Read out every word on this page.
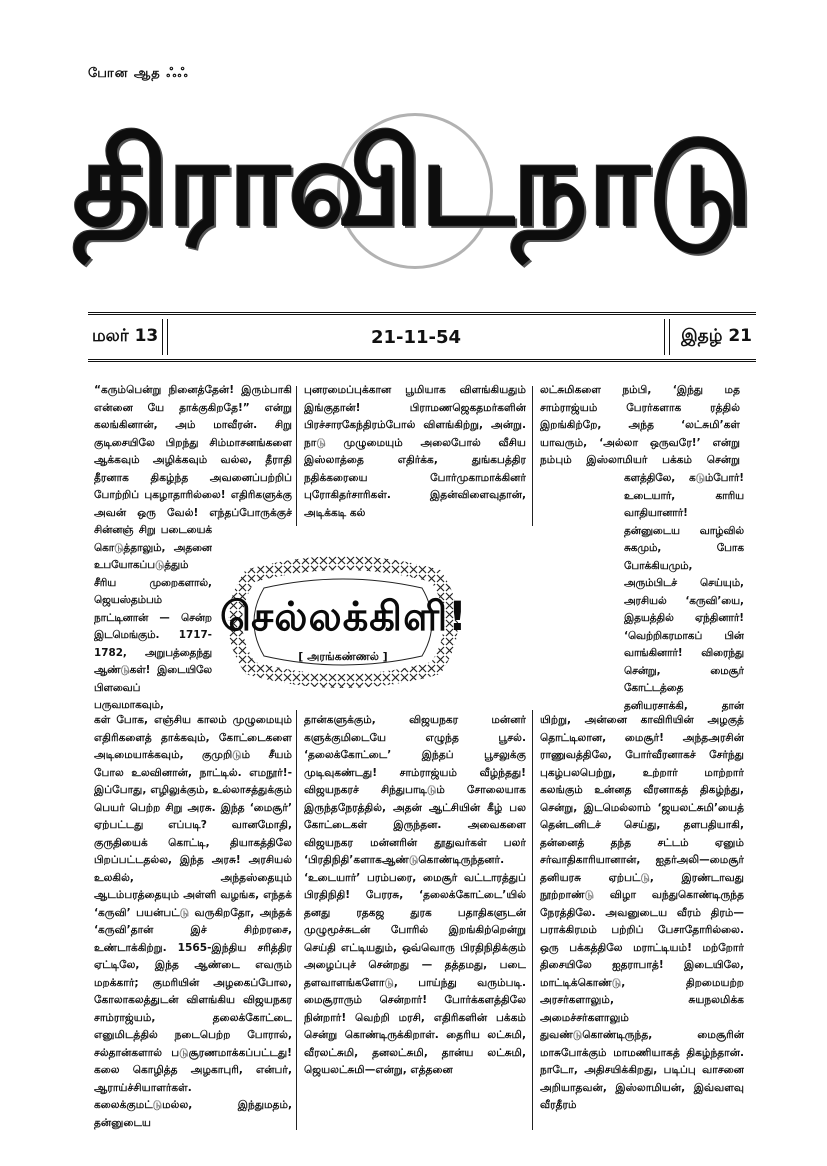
போன ஆத ஃஃ
திராவிடநாடு
மலர் 13	21-11-54	இதழ் 21

“கரும்பென்று நினைத்தேன்! இரும்பாகி என்னை யே தாக்குகிறதே!” என்று கலங்கினான், அம் மாவீரன். சிறு குடிசையிலே பிறந்து சிம்மாசனங்களை ஆக்கவும் அழிக்கவும் வல்ல, தீராதி தீரனாக திகழ்ந்த அவனைப்பற்றிப் போற்றிப் புகழாதாரில்லை! எதிரிகளுக்கு அவன் ஒரு வேல்! எந்தப்போருக்குச்

சின்னஞ் சிறு படையைக் கொடுத்தாலும், அதனை உபயோகப்படுத்தும் சீரிய முறைகளால், ஜெயஸ்தம்பம் நாட்டினான் — சென்ற இடமெங்கும். 1717-1782, அறுபத்தைந்து ஆண்டுகள்! இடையிலே பிளவைப் பருவமாகவும்,

புனரமைப்புக்கான பூமியாக விளங்கியதும் இங்குதான்! பிராமணஜெகதமர்களின் பிரச்சாரகேந்திரம்போல் விளங்கிற்று, அன்று. நாடு முழுமையும் அலைபோல் வீசிய இஸ்லாத்தை எதிர்க்க, துங்கபத்திர நதிக்கரையை போர்முகாமாக்கினர் புரோகிதர்சாரிகள். இதன்விளைவுதான், அடிக்கடி கல்

லட்சுமிகளை நம்பி, ‘இந்து மத சாம்ராஜ்யம் பேரர்களாக ரத்தில் இறங்கிற்றே, அந்த ‘லட்சுமி’கள் யாவரும், ‘அல்லா ஒருவரே!’ என்று நம்பும் இஸ்லாமியர் பக்கம் சென்று

களத்திலே, கடும்போர்! உடையார், காரிய வாதியானார்! தன்னுடைய வாழ்வில் சுகமும், போக போக்கியமும், அரும்பிடச் செய்யும், அரசியல் ‘கருவி’யை, இதயத்தில் ஏந்தினார்! ‘வெற்றிகரமாகப் பின் வாங்கினார்! விரைந்து சென்று, மைசூர் கோட்டத்தை தனியரசாக்கி, தான்

செல்லக்கிளி!
[ அரங்கண்ணல் ]

கள் போக, எஞ்சிய காலம் முழுமையும் எதிரிகளைத் தாக்கவும், கோட்டைகளை அடிமையாக்கவும், குமுறிடும் சீயம் போல உலவினான், நாட்டில். எமநூர்!-இப்போது, எழிலுக்கும், உல்லாசத்துக்கும் பெயர் பெற்ற சிறு அரசு. இந்த ‘மைசூர்’ ஏற்பட்டது எப்படி? வானமோதி, குருதியைக் கொட்டி, தியாகத்திலே பிறப்பட்டதல்ல, இந்த அரசு! அரசியல் உலகில், அந்தஸ்தையும் ஆடம்பரத்தையும் அள்ளி வழங்க, எந்தக் ‘கருவி’ பயன்பட்டு வருகிறதோ, அந்தக் ‘கருவி’தான் இச் சிற்றரசை, உண்டாக்கிற்று. 1565-இந்திய சரித்திர ஏட்டிலே, இந்த ஆண்டை எவரும் மறக்கார்; குமரியின் அழகைப்போல, கோலாகலத்துடன் விளங்கிய விஜயநகர சாம்ராஜ்யம், தலைக்கோட்டை எனுமிடத்தில் நடைபெற்ற போரால், சல்தான்களால் படுசூரணமாக்கப்பட்டது! கலை கொழித்த அழகாபுரி, என்பர், ஆராய்ச்சியாளர்கள். கலைக்குமட்டுமல்ல, இந்துமதம், தன்னுடைய

தான்களுக்கும், விஜயநகர மன்னர் களுக்குமிடையே எழுந்த பூசல். ‘தலைக்கோட்டை’ இந்தப் பூசலுக்கு முடிவுகண்டது! சாம்ராஜ்யம் வீழ்ந்தது! விஜயநகரச் சிந்துபாடிடும் சோலையாக இருந்தநேரத்தில், அதன் ஆட்சியின் கீழ் பல கோட்டைகள் இருந்தன. அவைகளை விஜயநகர மன்னரின் தூதுவர்கள் பலர் ‘பிரதிநிதி’களாகஆண்டுகொண்டிருந்தனர். ‘உடையார்’ பரம்பரை, மைசூர் வட்டாரத்துப் பிரதிநிதி! பேரரசு, ‘தலைக்கோட்டை’யில் தனது ரதகஜ துரக பதாதிகளுடன் முழுமூச்சுடன் போரில் இறங்கிற்றென்று செய்தி எட்டியதும், ஒவ்வொரு பிரதிநிதிக்கும் அழைப்புச் சென்றது — தத்தமது, படை தளவாளங்களோடு, பாய்ந்து வரும்படி. மைசூராரும் சென்றார்! போர்க்களத்திலே நின்றார்! வெற்றி மரசி, எதிரிகளின் பக்கம் சென்று கொண்டிருக்கிறாள். தைரிய லட்சுமி, வீரலட்சுமி, தனலட்சுமி, தான்ய லட்சுமி, ஜெயலட்சுமி—என்று, எத்தனை

யிற்று, அன்னை காவிரியின் அழகுத் தொட்டிலான, மைசூர்! அந்தஅரசின் ராணுவத்திலே, போர்வீரனாகச் சேர்ந்து புகழ்பலபெற்று, உற்றார் மாற்றார் கலங்கும் உன்னத வீரனாகத் திகழ்ந்து, சென்று, இடமெல்லாம் ‘ஜயலட்சுமி’யைத் தென்டனிடச் செய்து, தளபதியாகி, தன்னைத் தந்த சட்டம் ஏனும் சர்வாதிகாரியானான், ஐதர்அலி—மைசூர் தனியரசு ஏற்பட்டு, இரண்டாவது நூற்றாண்டு விழா வந்துகொண்டிருந்த நேரத்திலே. அவனுடைய வீரம் திரம்—பராக்கிரமம் பற்றிப் பேசாதோரில்லை. ஒரு பக்கத்திலே மராட்டியம்! மற்றோர் திசையிலே ஐதராபாத்! இடையிலே, மாட்டிக்கொண்டு, திறமையற்ற அரசர்களாலும், சுயநலமிக்க அமைச்சர்களாலும் துவண்டுகொண்டிருந்த, மைசூரின் மாசுபோக்கும் மாமணியாகத் திகழ்ந்தான். நாடோ, அதிசயிக்கிறது, படிப்பு வாசனை அறியாதவன், இஸ்லாமியன், இவ்வளவு வீரதீரம்
